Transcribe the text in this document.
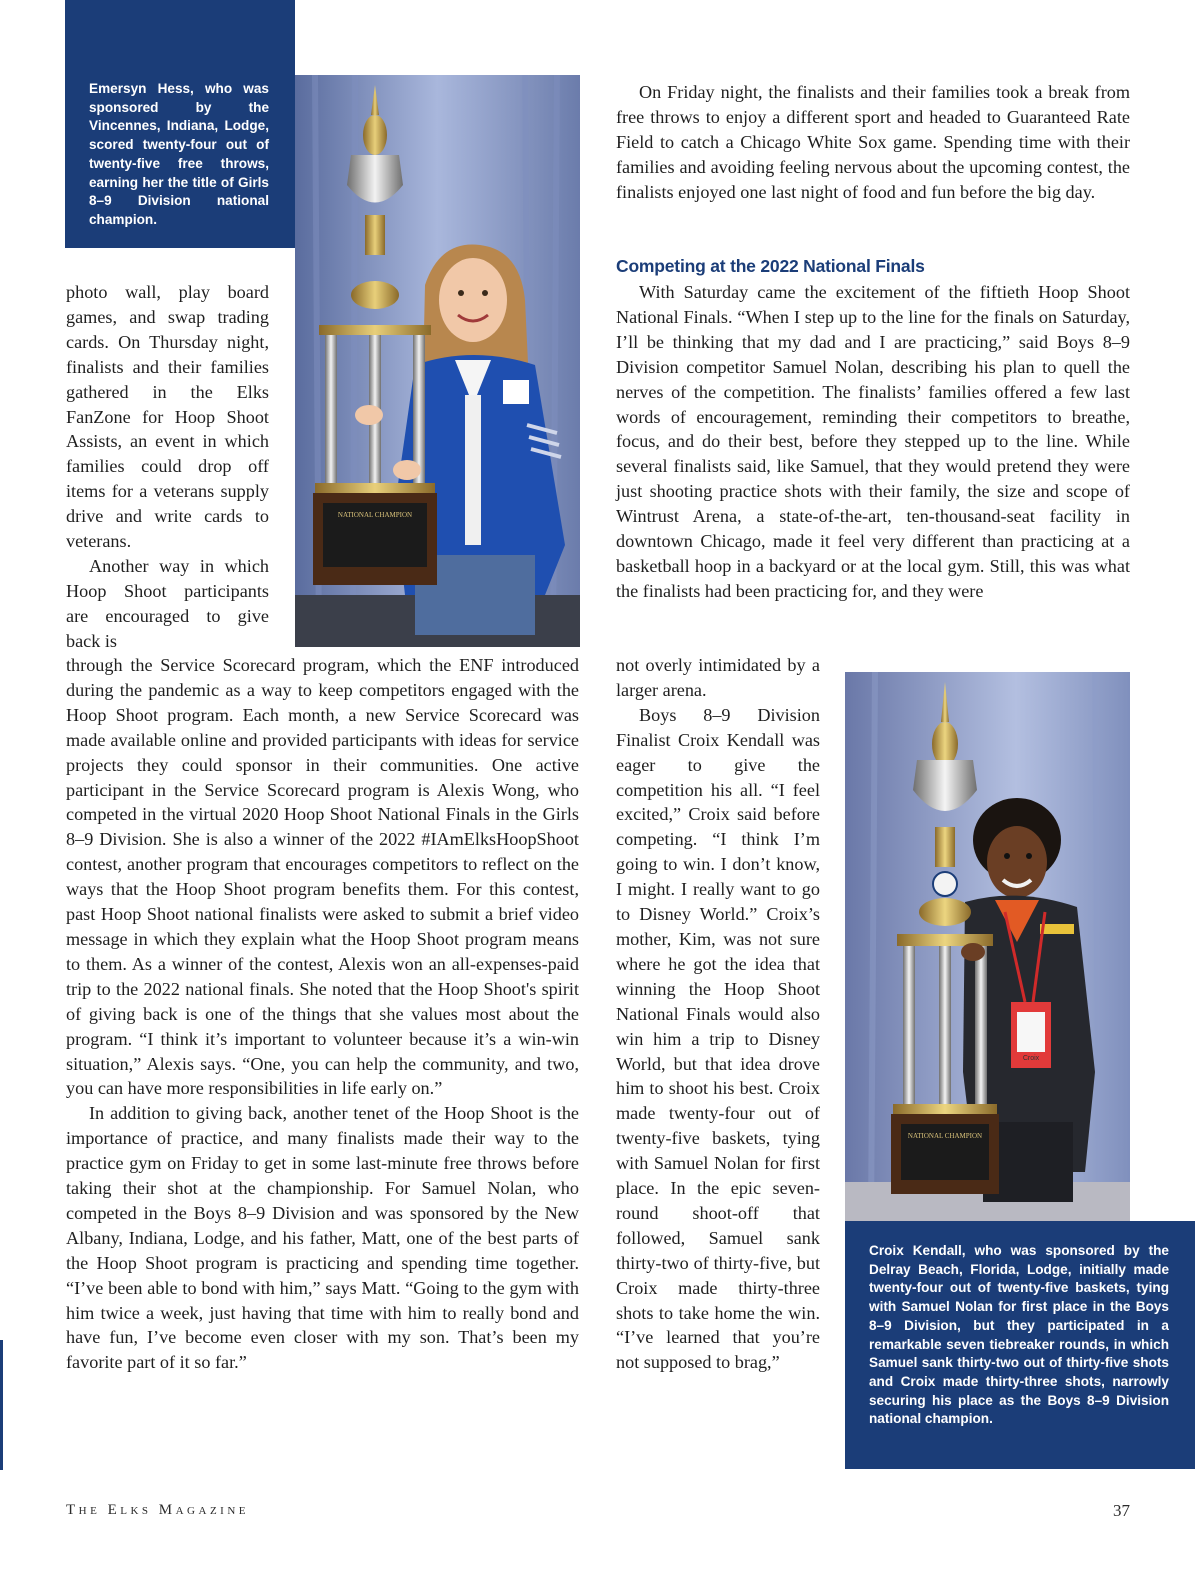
Emersyn Hess, who was sponsored by the Vincennes, Indiana, Lodge, scored twenty-four out of twenty-five free throws, earning her the title of Girls 8–9 Division national champion.

NATIONAL CHAMPION

photo wall, play board games, and swap trading cards. On Thursday night, finalists and their families gathered in the Elks FanZone for Hoop Shoot Assists, an event in which families could drop off items for a veterans supply drive and write cards to veterans.

Another way in which Hoop Shoot participants are encouraged to give back is

through the Service Scorecard program, which the ENF introduced during the pandemic as a way to keep competitors engaged with the Hoop Shoot program. Each month, a new Service Scorecard was made available online and provided participants with ideas for service projects they could sponsor in their communities. One active participant in the Service Scorecard program is Alexis Wong, who competed in the virtual 2020 Hoop Shoot National Finals in the Girls 8–9 Division. She is also a winner of the 2022 #IAmElksHoopShoot contest, another program that encourages competitors to reflect on the ways that the Hoop Shoot program benefits them. For this contest, past Hoop Shoot national finalists were asked to submit a brief video message in which they explain what the Hoop Shoot program means to them. As a winner of the contest, Alexis won an all-expenses-paid trip to the 2022 national finals. She noted that the Hoop Shoot's spirit of giving back is one of the things that she values most about the program. “I think it’s important to volunteer because it’s a win-win situation,” Alexis says. “One, you can help the community, and two, you can have more responsibilities in life early on.”

In addition to giving back, another tenet of the Hoop Shoot is the importance of practice, and many finalists made their way to the practice gym on Friday to get in some last-minute free throws before taking their shot at the championship. For Samuel Nolan, who competed in the Boys 8–9 Division and was sponsored by the New Albany, Indiana, Lodge, and his father, Matt, one of the best parts of the Hoop Shoot program is practicing and spending time together. “I’ve been able to bond with him,” says Matt. “Going to the gym with him twice a week, just having that time with him to really bond and have fun, I’ve become even closer with my son. That’s been my favorite part of it so far.”

On Friday night, the finalists and their families took a break from free throws to enjoy a different sport and headed to Guaranteed Rate Field to catch a Chicago White Sox game. Spending time with their families and avoiding feeling nervous about the upcoming contest, the finalists enjoyed one last night of food and fun before the big day.

Competing at the 2022 National Finals

With Saturday came the excitement of the fiftieth Hoop Shoot National Finals. “When I step up to the line for the finals on Saturday, I’ll be thinking that my dad and I are practicing,” said Boys 8–9 Division competitor Samuel Nolan, describing his plan to quell the nerves of the competition. The finalists’ families offered a few last words of encouragement, reminding their competitors to breathe, focus, and do their best, before they stepped up to the line. While several finalists said, like Samuel, that they would pretend they were just shooting practice shots with their family, the size and scope of Wintrust Arena, a state-of-the-art, ten-thousand-seat facility in downtown Chicago, made it feel very different than practicing at a basketball hoop in a backyard or at the local gym. Still, this was what the finalists had been practicing for, and they were

not overly intimidated by a larger arena.

Boys 8–9 Division Finalist Croix Kendall was eager to give the competition his all. “I feel excited,” Croix said before competing. “I think I’m going to win. I don’t know, I might. I really want to go to Disney World.” Croix’s mother, Kim, was not sure where he got the idea that winning the Hoop Shoot National Finals would also win him a trip to Disney World, but that idea drove him to shoot his best. Croix made twenty-four out of twenty-five baskets, tying with Samuel Nolan for first place. In the epic seven-round shoot-off that followed, Samuel sank thirty-two of thirty-five, but Croix made thirty-three shots to take home the win. “I’ve learned that you’re not supposed to brag,”

Croix
NATIONAL CHAMPION

Croix Kendall, who was sponsored by the Delray Beach, Florida, Lodge, initially made twenty-four out of twenty-five baskets, tying with Samuel Nolan for first place in the Boys 8–9 Division, but they participated in a remarkable seven tiebreaker rounds, in which Samuel sank thirty-two out of thirty-five shots and Croix made thirty-three shots, narrowly securing his place as the Boys 8–9 Division national champion.

The Elks Magazine	37
